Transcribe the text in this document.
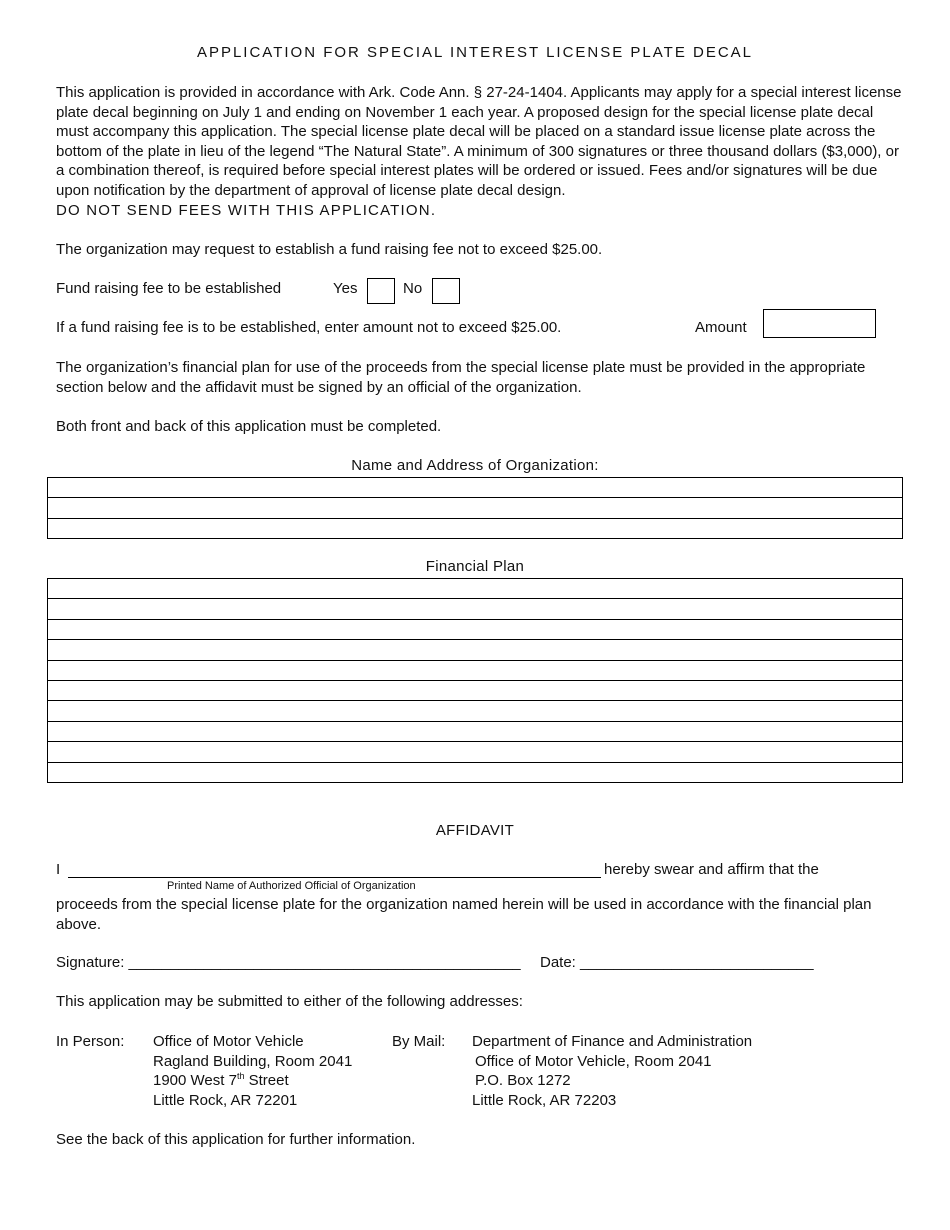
APPLICATION FOR SPECIAL INTEREST LICENSE PLATE DECAL
This application is provided in accordance with Ark. Code Ann. § 27-24-1404. Applicants may apply for a special interest license plate decal beginning on July 1 and ending on November 1 each year. A proposed design for the special license plate decal must accompany this application. The special license plate decal will be placed on a standard issue license plate across the bottom of the plate in lieu of the legend “The Natural State”. A minimum of 300 signatures or three thousand dollars ($3,000), or a combination thereof, is required before special interest plates will be ordered or issued. Fees and/or signatures will be due upon notification by the department of approval of license plate decal design.
DO NOT SEND FEES WITH THIS APPLICATION.
The organization may request to establish a fund raising fee not to exceed $25.00.
Fund raising fee to be established	Yes	No
If a fund raising fee is to be established, enter amount not to exceed $25.00.	Amount
The organization’s financial plan for use of the proceeds from the special license plate must be provided in the appropriate section below and the affidavit must be signed by an official of the organization.
Both front and back of this application must be completed.
Name and Address of Organization:
Financial Plan
AFFIDAVIT
I	hereby swear and affirm that the
Printed Name of Authorized Official of Organization
proceeds from the special license plate for the organization named herein will be used in accordance with the financial plan above.
Signature: _______________________________________________ Date: ____________________________
This application may be submitted to either of the following addresses:
In Person: Office of Motor Vehicle
Ragland Building, Room 2041
1900 West 7th Street
Little Rock, AR 72201
By Mail: Department of Finance and Administration
Office of Motor Vehicle, Room 2041
P.O. Box 1272
Little Rock, AR 72203
See the back of this application for further information.
